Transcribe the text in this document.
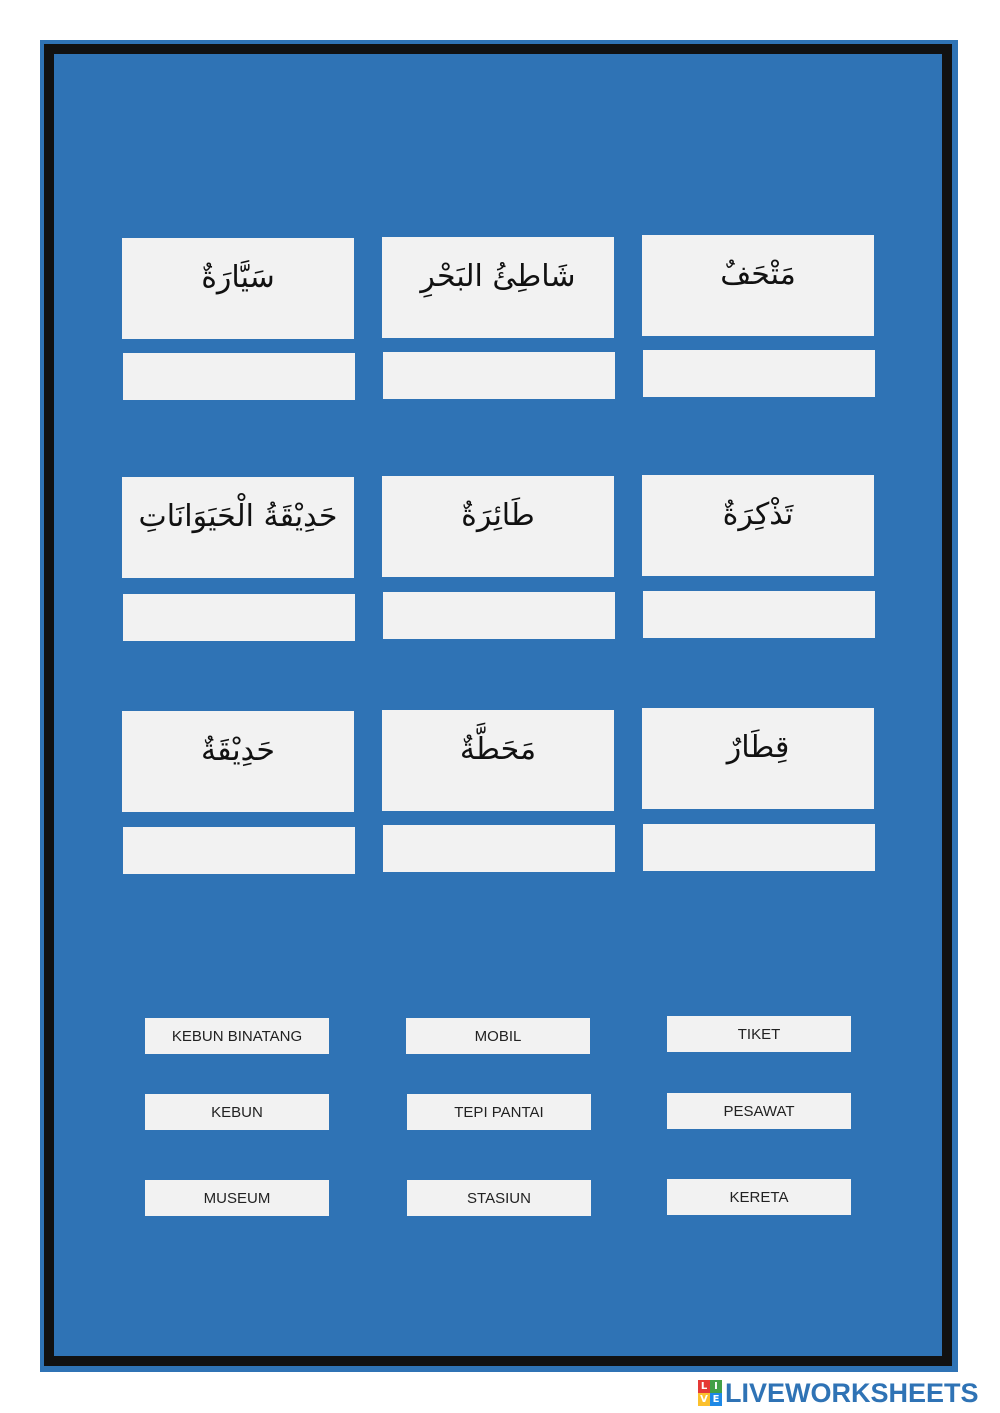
سَيَّارَةٌ	شَاطِئُ البَحْرِ	مَتْحَفٌ
حَدِيْقَةُ الْحَيَوَانَاتِ	طَائِرَةٌ	تَذْكِرَةٌ
حَدِيْقَةٌ	مَحَطَّةٌ	قِطَارٌ
KEBUN BINATANG	MOBIL	TIKET
KEBUN	TEPI PANTAI	PESAWAT
MUSEUM	STASIUN	KERETA
L I
V E LIVEWORKSHEETS
